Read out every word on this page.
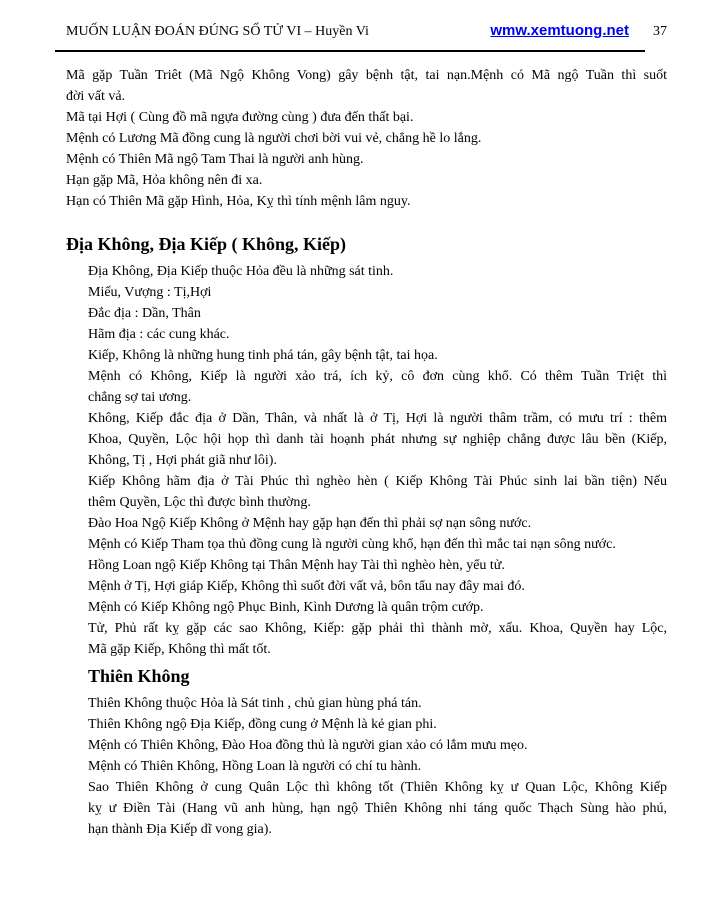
MUỐN LUẬN ĐOÁN ĐÚNG SỐ TỬ VI – Huyền Vi	wmw.xemtuong.net 37
Mã gặp Tuần Triêt (Mã Ngộ Không Vong) gây bệnh tật, tai nạn.Mệnh có Mã ngộ Tuần thì suốt
đời vất vả.
Mã tại Hợi ( Cùng đồ mã ngựa đường cùng ) đưa đến thất bại.
Mệnh có Lương Mã đồng cung là người chơi bời vui vẻ, chẳng hề lo lắng.
Mệnh có Thiên Mã ngộ Tam Thai là người anh hùng.
Hạn gặp Mã, Hỏa không nên đi xa.
Hạn có Thiên Mã gặp Hình, Hỏa, Kỵ thì tính mệnh lâm nguy.
Địa Không, Địa Kiếp ( Không, Kiếp)
Địa Không, Địa Kiếp thuộc Hỏa đều là những sát tinh.
Miếu, Vượng : Tị,Hợi
Đắc địa : Dần, Thân
Hãm địa : các cung khác.
Kiếp, Không là những hung tinh phá tán, gây bệnh tật, tai họa.
Mệnh có Không, Kiếp là người xảo trá, ích kỷ, cô đơn cùng khổ. Có thêm Tuần Triệt thì
chẳng sợ tai ương.
Không, Kiếp đắc địa ở Dần, Thân, và nhất là ở Tị, Hợi là người thâm trầm, có mưu trí : thêm
Khoa, Quyền, Lộc hội họp thì danh tài hoạnh phát nhưng sự nghiệp chẳng được lâu bền (Kiếp,
Không, Tị , Hợi phát giã như lôi).
Kiếp Không hãm địa ở Tài Phúc thì nghèo hèn ( Kiếp Không Tài Phúc sinh lai bần tiện) Nếu
thêm Quyền, Lộc thì được bình thường.
Đào Hoa Ngộ Kiếp Không ở Mệnh hay gặp hạn đến thì phải sợ nạn sông nước.
Mệnh có Kiếp Tham tọa thủ đồng cung là người cùng khổ, hạn đến thì mắc tai nạn sông nước.
Hồng Loan ngộ Kiếp Không tại Thân Mệnh hay Tài thì nghèo hèn, yểu tử.
Mệnh ở Tị, Hợi giáp Kiếp, Không thì suốt đời vất vả, bôn tẩu nay đây mai đó.
Mệnh có Kiếp Không ngộ Phục Binh, Kình Dương là quân trộm cướp.
Tử, Phủ rất kỵ gặp các sao Không, Kiếp: gặp phải thì thành mờ, xấu. Khoa, Quyền hay Lộc,
Mã gặp Kiếp, Không thì mất tốt.
Thiên Không
Thiên Không thuộc Hỏa là Sát tinh , chủ gian hùng phá tán.
Thiên Không ngộ Địa Kiếp, đồng cung ở Mệnh là kẻ gian phi.
Mệnh có Thiên Không, Đào Hoa đồng thủ là người gian xảo có lắm mưu mẹo.
Mệnh có Thiên Không, Hồng Loan là người có chí tu hành.
Sao Thiên Không ở cung Quân Lộc thì không tốt (Thiên Không kỵ ư Quan Lộc, Không Kiếp
kỵ ư Điền Tài (Hang vũ anh hùng, hạn ngộ Thiên Không nhi táng quốc Thạch Sùng hào phú,
hạn thành Địa Kiếp dĩ vong gia).
